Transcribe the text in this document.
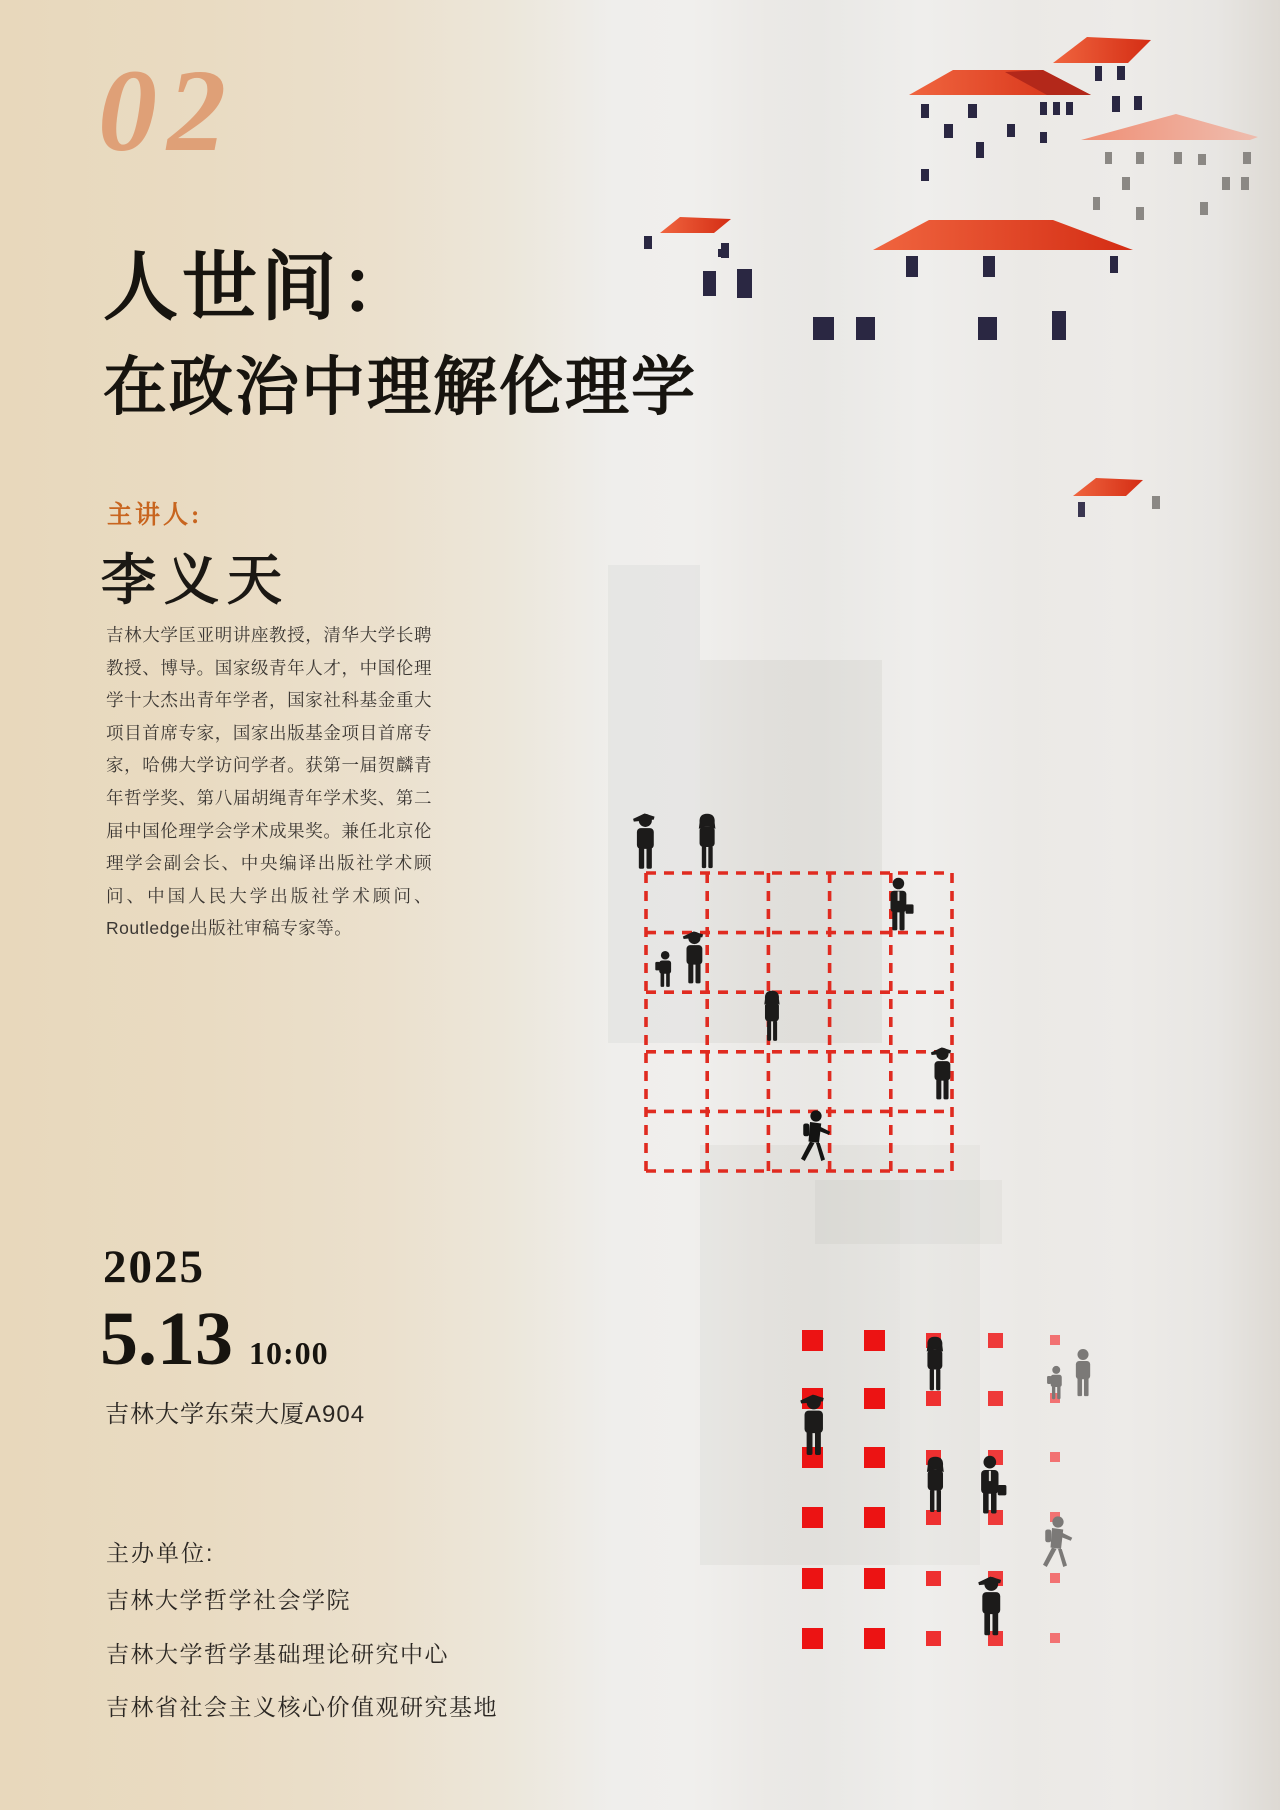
02
人世间：
在政治中理解伦理学
主讲人:
李义天

吉林大学匡亚明讲座教授，清华大学长聘教授、博导。国家级青年人才，中国伦理学十大杰出青年学者，国家社科基金重大项目首席专家，国家出版基金项目首席专家，哈佛大学访问学者。获第一届贺麟青年哲学奖、第八届胡绳青年学术奖、第二届中国伦理学会学术成果奖。兼任北京伦理学会副会长、中央编译出版社学术顾问、中国人民大学出版社学术顾问、Routledge出版社审稿专家等。

2025
5.13 10:00
吉林大学东荣大厦A904
主办单位:
吉林大学哲学社会学院
吉林大学哲学基础理论研究中心
吉林省社会主义核心价值观研究基地
